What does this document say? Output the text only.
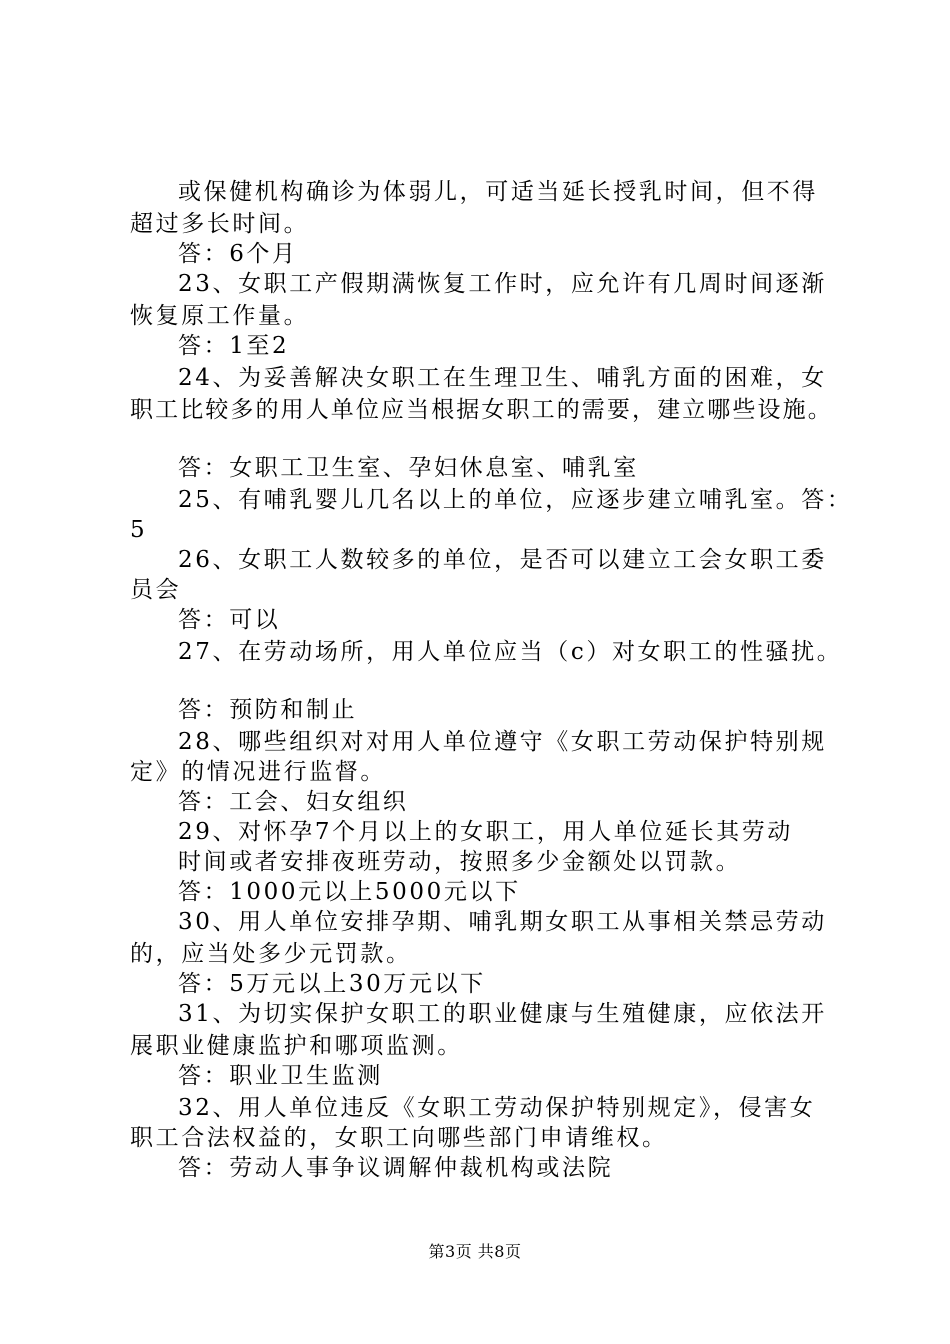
或保健机构确诊为体弱儿，可适当延长授乳时间，但不得
超过多长时间。
答：6个月
23、女职工产假期满恢复工作时，应允许有几周时间逐渐
恢复原工作量。
答：1至2
24、为妥善解决女职工在生理卫生、哺乳方面的困难，女
职工比较多的用人单位应当根据女职工的需要，建立哪些设施。
答：女职工卫生室、孕妇休息室、哺乳室
25、有哺乳婴儿几名以上的单位，应逐步建立哺乳室。答：
5
26、女职工人数较多的单位，是否可以建立工会女职工委
员会
答：可以
27、在劳动场所，用人单位应当（c）对女职工的性骚扰。
答：预防和制止
28、哪些组织对对用人单位遵守《女职工劳动保护特别规
定》的情况进行监督。
答：工会、妇女组织
29、对怀孕7个月以上的女职工，用人单位延长其劳动
时间或者安排夜班劳动，按照多少金额处以罚款。
答：1000元以上5000元以下
30、用人单位安排孕期、哺乳期女职工从事相关禁忌劳动
的，应当处多少元罚款。
答：5万元以上30万元以下
31、为切实保护女职工的职业健康与生殖健康，应依法开
展职业健康监护和哪项监测。
答：职业卫生监测
32、用人单位违反《女职工劳动保护特别规定》，侵害女
职工合法权益的，女职工向哪些部门申请维权。
答：劳动人事争议调解仲裁机构或法院
第3页 共8页
